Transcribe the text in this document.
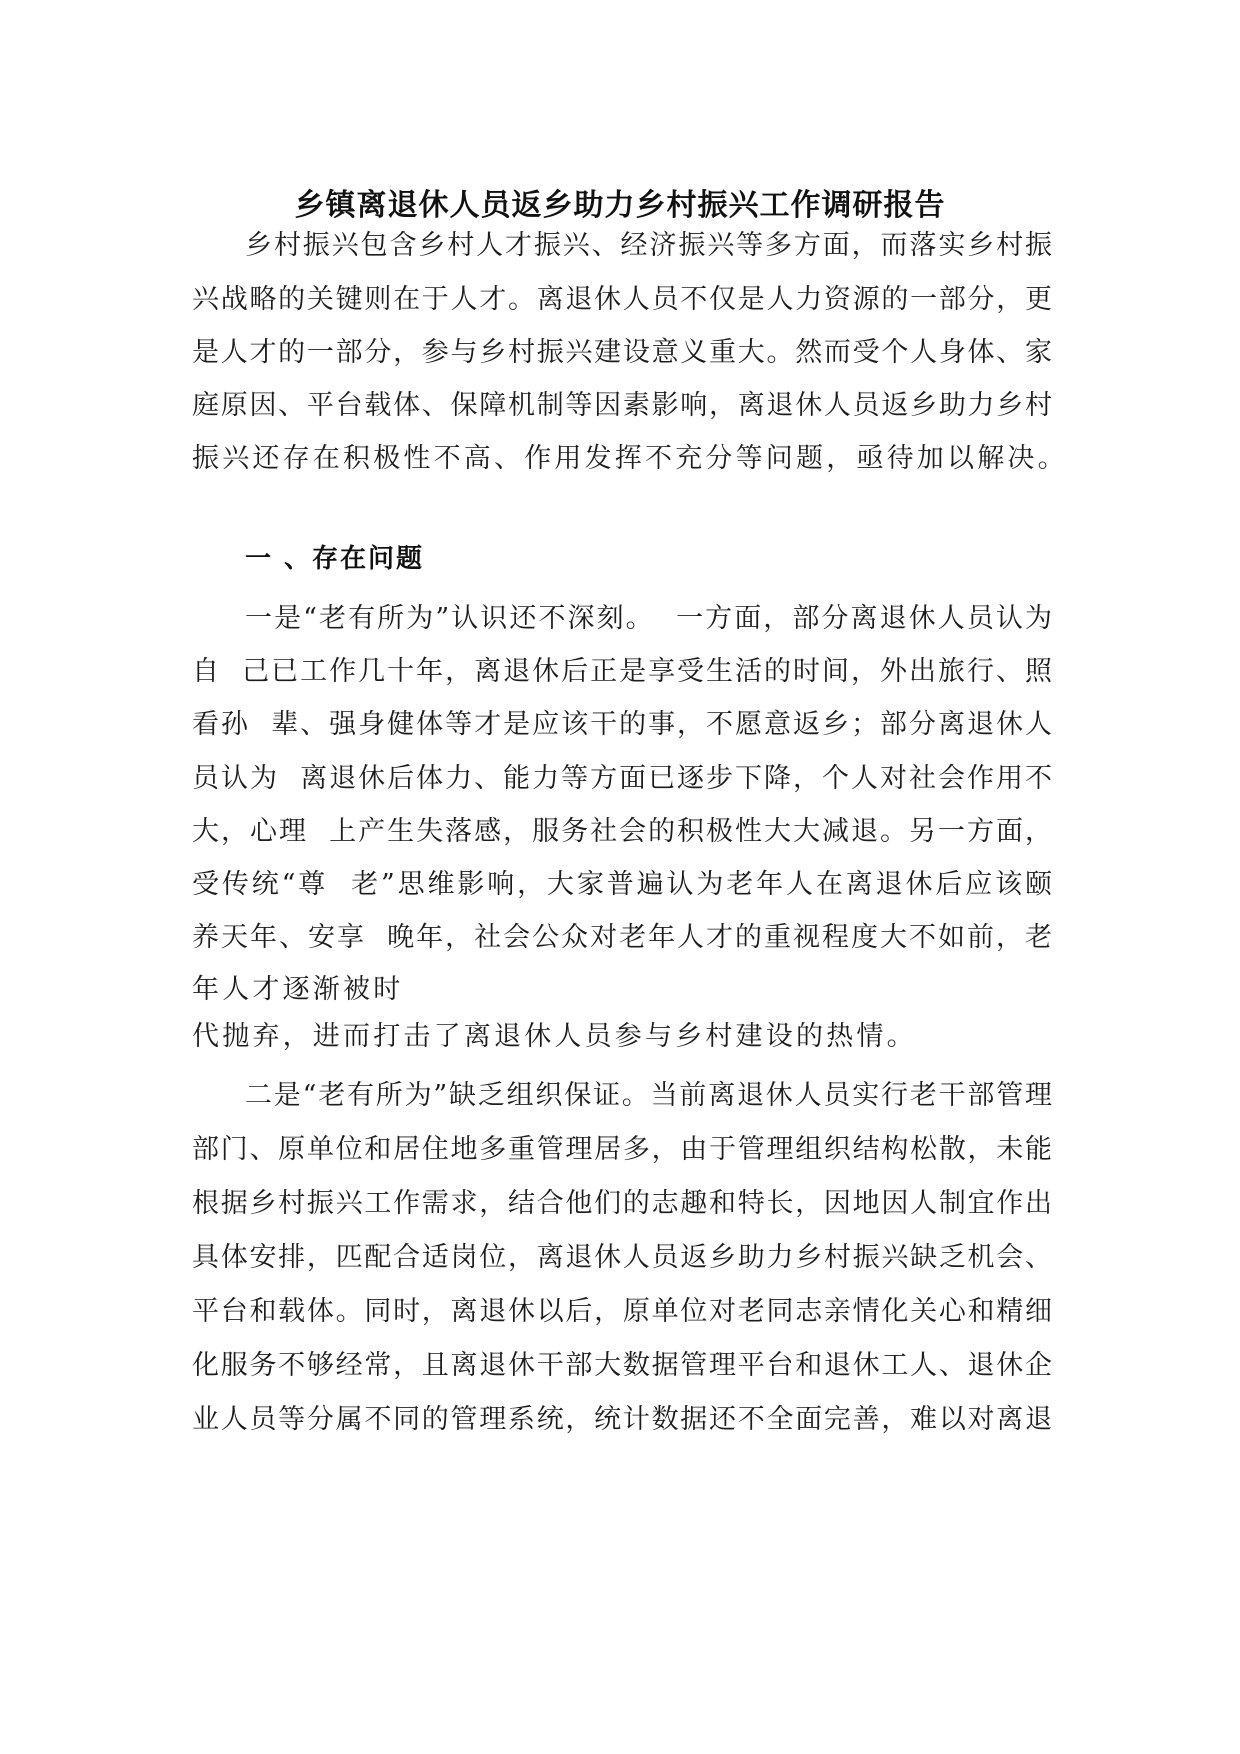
乡镇离退休人员返乡助力乡村振兴工作调研报告
乡村振兴包含乡村人才振兴、经济振兴等多方面，而落实乡村振
兴战略的关键则在于人才。离退休人员不仅是人力资源的一部分，更
是人才的一部分，参与乡村振兴建设意义重大。然而受个人身体、家
庭原因、平台载体、保障机制等因素影响，离退休人员返乡助力乡村
振兴还存在积极性不高、作用发挥不充分等问题，亟待加以解决。
一 、存在问题
一是“老有所为”认识还不深刻。  一方面，部分离退休人员认为
自  己已工作几十年，离退休后正是享受生活的时间，外出旅行、照
看孙  辈、强身健体等才是应该干的事，不愿意返乡；部分离退休人
员认为  离退休后体力、能力等方面已逐步下降，个人对社会作用不
大，心理  上产生失落感，服务社会的积极性大大减退。另一方面，
受传统“尊  老”思维影响，大家普遍认为老年人在离退休后应该颐
养天年、安享  晚年，社会公众对老年人才的重视程度大不如前，老
年人才逐渐被时
代抛弃，进而打击了离退休人员参与乡村建设的热情。
二是“老有所为”缺乏组织保证。当前离退休人员实行老干部管理
部门、原单位和居住地多重管理居多，由于管理组织结构松散，未能
根据乡村振兴工作需求，结合他们的志趣和特长，因地因人制宜作出
具体安排，匹配合适岗位，离退休人员返乡助力乡村振兴缺乏机会、
平台和载体。同时，离退休以后，原单位对老同志亲情化关心和精细
化服务不够经常，且离退休干部大数据管理平台和退休工人、退休企
业人员等分属不同的管理系统，统计数据还不全面完善，难以对离退
